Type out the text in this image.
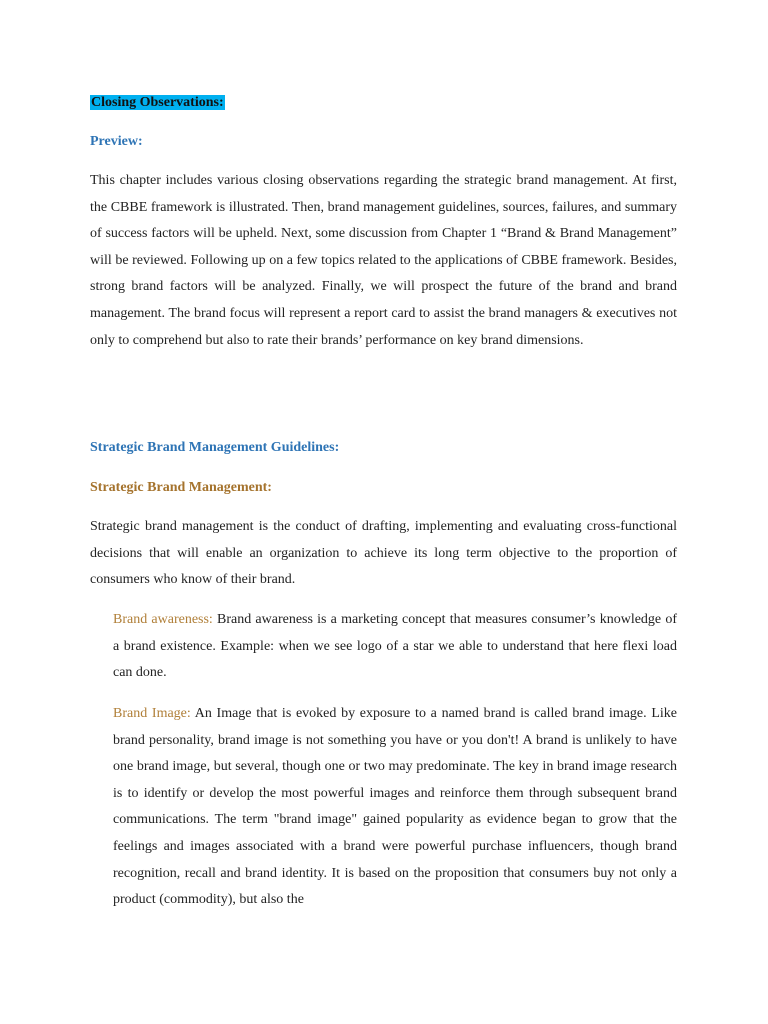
Closing Observations:
Preview:

This chapter includes various closing observations regarding the strategic brand management. At first, the CBBE framework is illustrated. Then, brand management guidelines, sources, failures, and summary of success factors will be upheld. Next, some discussion from Chapter 1 “Brand & Brand Management” will be reviewed. Following up on a few topics related to the applications of CBBE framework. Besides, strong brand factors will be analyzed. Finally, we will prospect the future of the brand and brand management. The brand focus will represent a report card to assist the brand managers & executives not only to comprehend but also to rate their brands’ performance on key brand dimensions.

Strategic Brand Management Guidelines:
Strategic Brand Management:

Strategic brand management is the conduct of drafting, implementing and evaluating cross-functional decisions that will enable an organization to achieve its long term objective to the proportion of consumers who know of their brand.

Brand awareness: Brand awareness is a marketing concept that measures consumer’s knowledge of a brand existence. Example: when we see logo of a star we able to understand that here flexi load can done.

Brand Image: An Image that is evoked by exposure to a named brand is called brand image. Like brand personality, brand image is not something you have or you don't! A brand is unlikely to have one brand image, but several, though one or two may predominate. The key in brand image research is to identify or develop the most powerful images and reinforce them through subsequent brand communications. The term "brand image" gained popularity as evidence began to grow that the feelings and images associated with a brand were powerful purchase influencers, though brand recognition, recall and brand identity. It is based on the proposition that consumers buy not only a product (commodity), but also the
